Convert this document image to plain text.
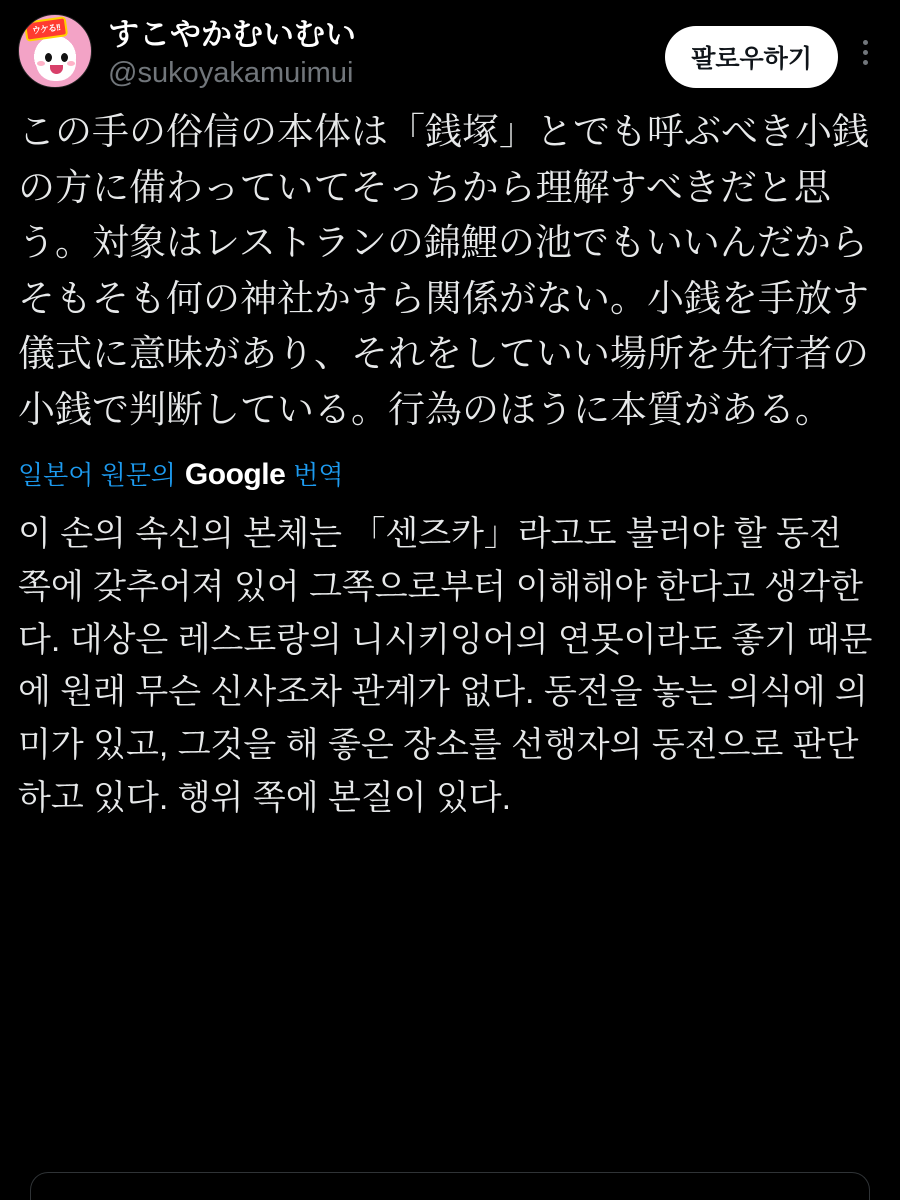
ウケる!! すこやかむいむい
@sukoyakamuimui	팔로우하기
この手の俗信の本体は「銭塚」とでも呼ぶべき小銭の方に備わっていてそっちから理解すべきだと思う。対象はレストランの錦鯉の池でもいいんだからそもそも何の神社かすら関係がない。小銭を手放す儀式に意味があり、それをしていい場所を先行者の小銭で判断している。行為のほうに本質がある。
일본어 원문의 Google 번역
이 손의 속신의 본체는 「센즈카」라고도 불러야 할 동전 쪽에 갖추어져 있어 그쪽으로부터 이해해야 한다고 생각한다. 대상은 레스토랑의 니시키잉어의 연못이라도 좋기 때문에 원래 무슨 신사조차 관계가 없다. 동전을 놓는 의식에 의미가 있고, 그것을 해 좋은 장소를 선행자의 동전으로 판단하고 있다. 행위 쪽에 본질이 있다.
